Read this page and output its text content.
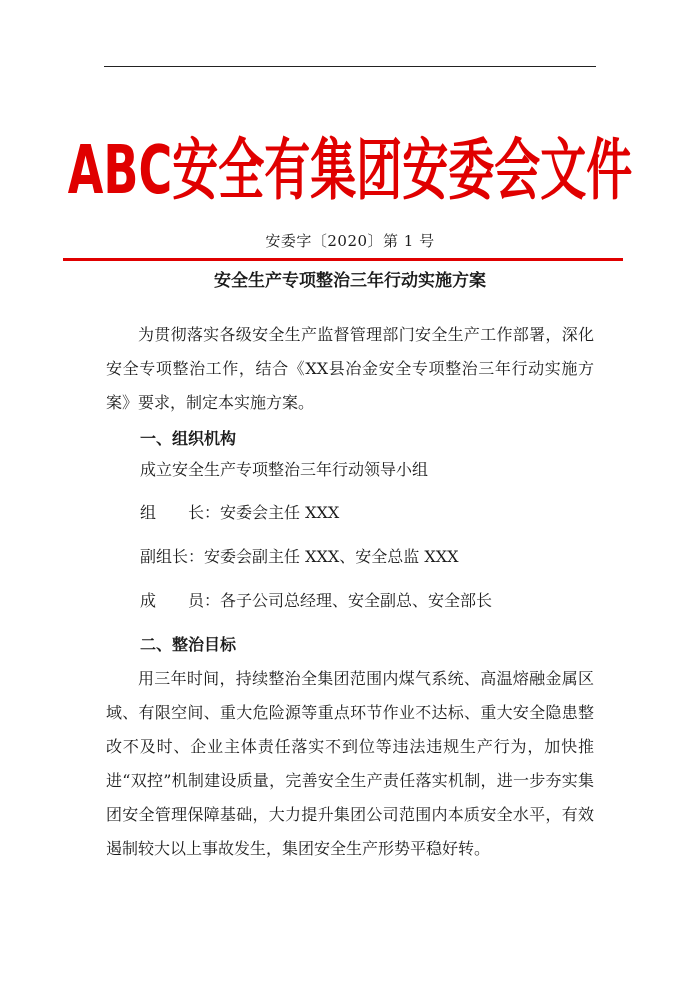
ABC安全有集团安委会文件
安委字〔2020〕第 1 号
安全生产专项整治三年行动实施方案

为贯彻落实各级安全生产监督管理部门安全生产工作部署，深化安全专项整治工作，结合《XX县冶金安全专项整治三年行动实施方案》要求，制定本实施方案。

一、组织机构
成立安全生产专项整治三年行动领导小组
组　长：安委会主任 XXX
副组长：安委会副主任 XXX、安全总监 XXX
成　员：各子公司总经理、安全副总、安全部长
二、整治目标

用三年时间，持续整治全集团范围内煤气系统、高温熔融金属区域、有限空间、重大危险源等重点环节作业不达标、重大安全隐患整改不及时、企业主体责任落实不到位等违法违规生产行为，加快推进“双控”机制建设质量，完善安全生产责任落实机制，进一步夯实集团安全管理保障基础，大力提升集团公司范围内本质安全水平，有效遏制较大以上事故发生，集团安全生产形势平稳好转。
